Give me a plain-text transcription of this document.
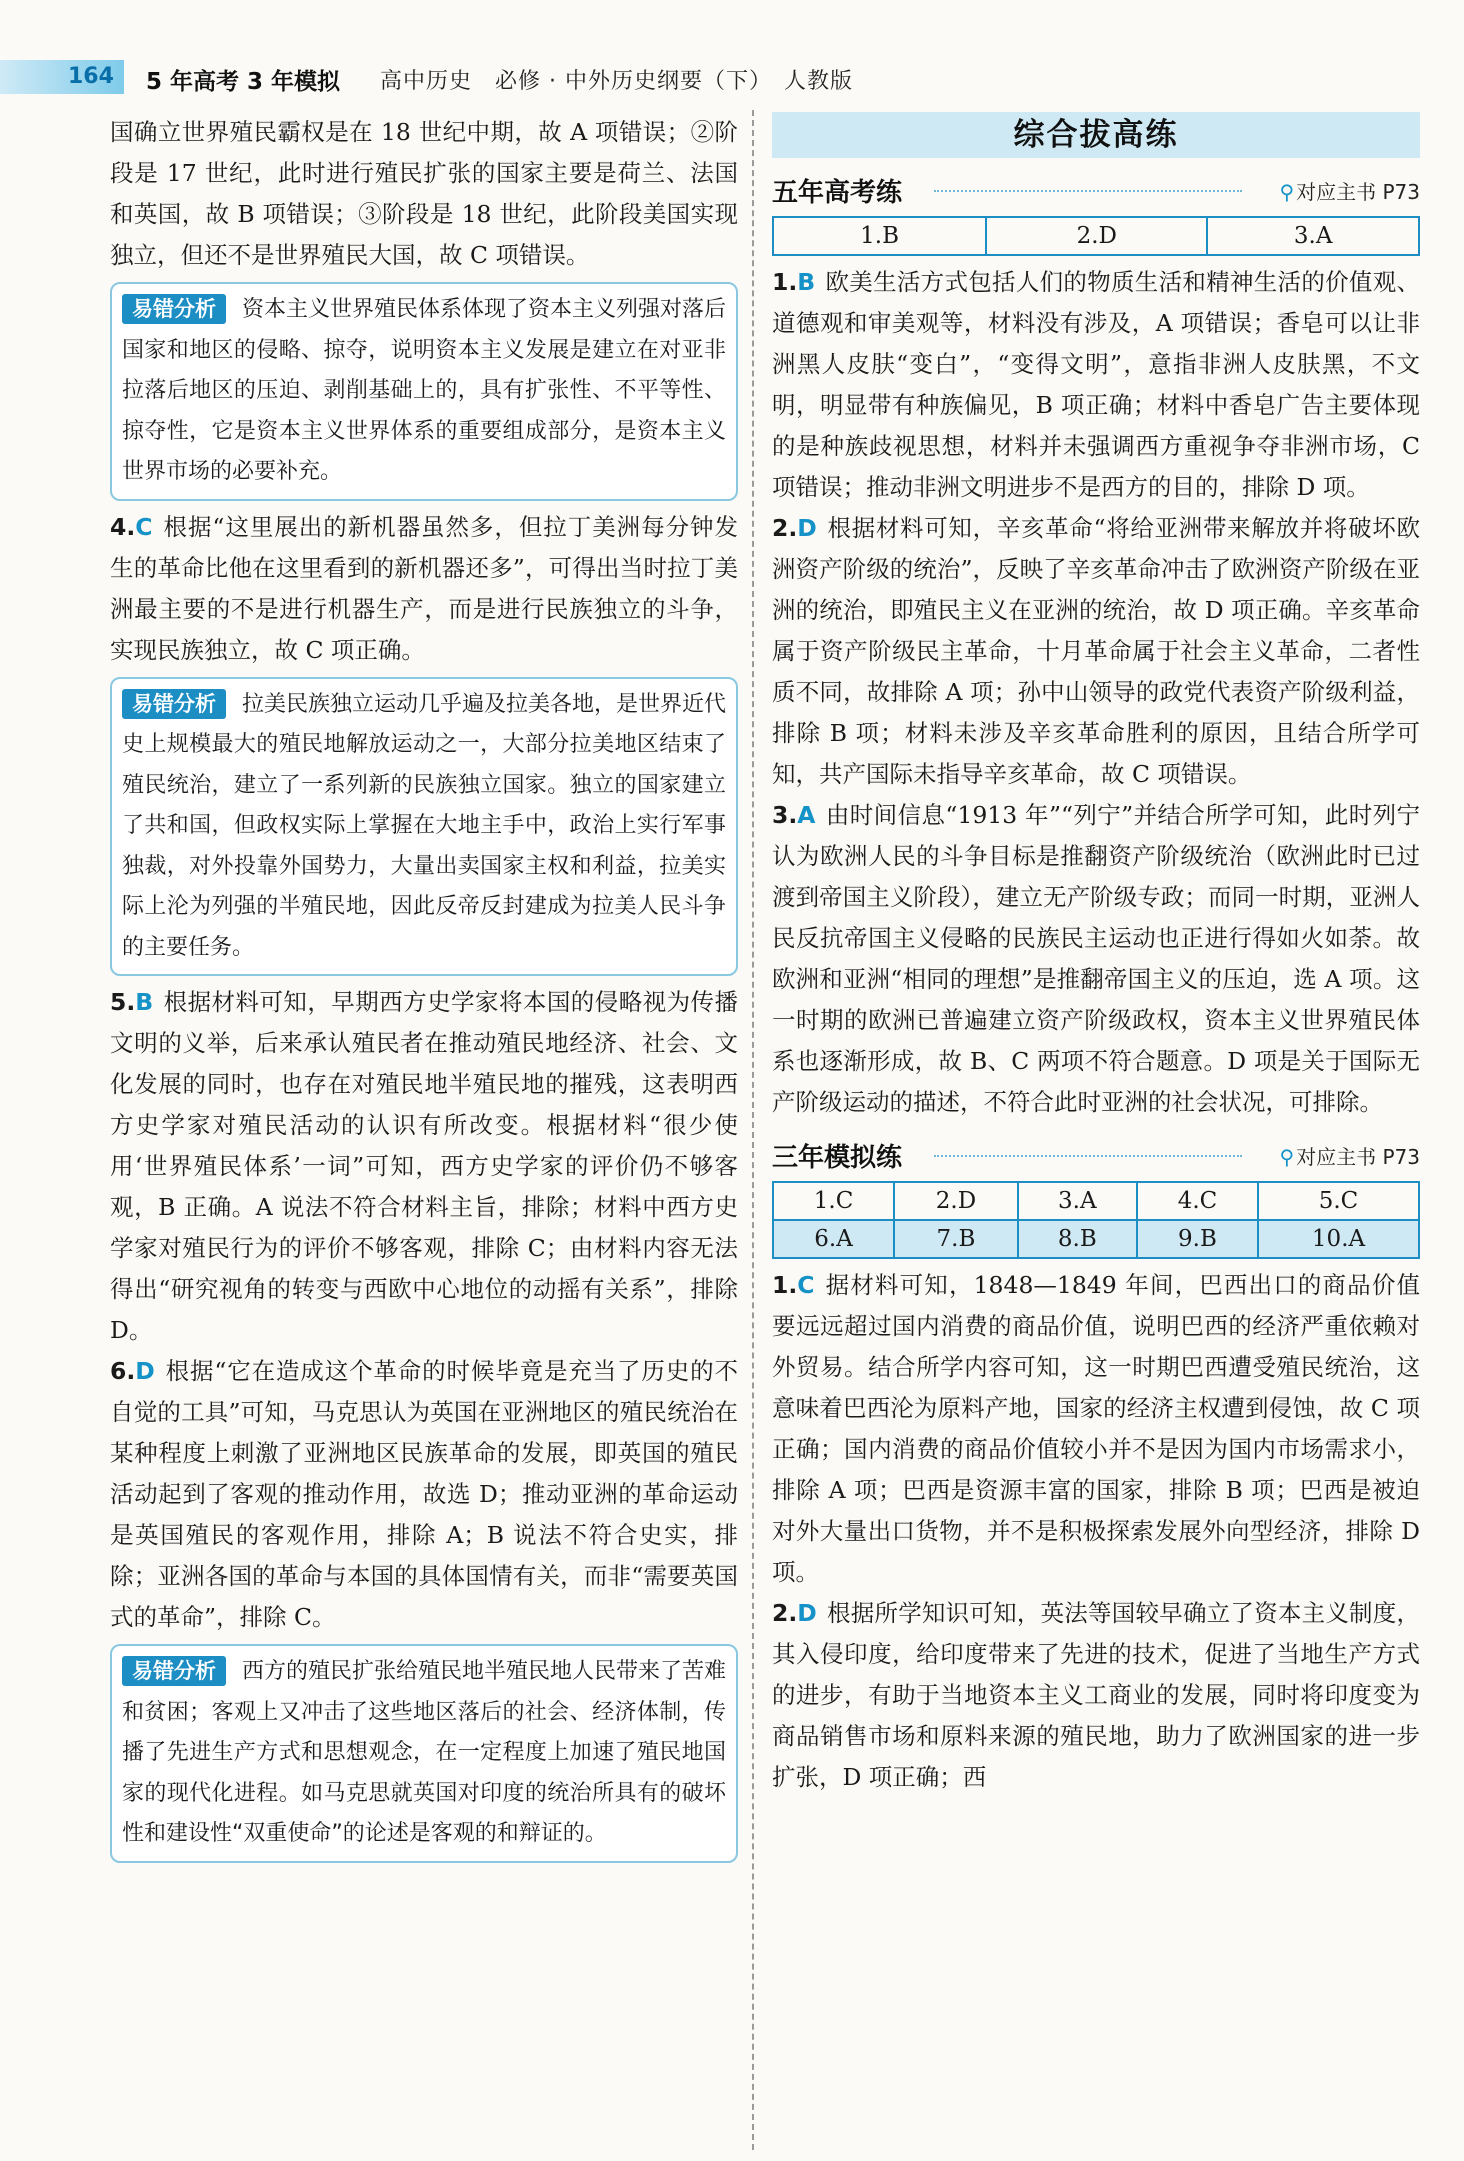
164 5 年高考 3 年模拟 高中历史　必修 · 中外历史纲要（下）　人教版

国确立世界殖民霸权是在 18 世纪中期，故 A 项错误；②阶段是 17 世纪，此时进行殖民扩张的国家主要是荷兰、法国和英国，故 B 项错误；③阶段是 18 世纪，此阶段美国实现独立，但还不是世界殖民大国，故 C 项错误。

易错分析 资本主义世界殖民体系体现了资本主义列强对落后国家和地区的侵略、掠夺，说明资本主义发展是建立在对亚非拉落后地区的压迫、剥削基础上的，具有扩张性、不平等性、掠夺性，它是资本主义世界体系的重要组成部分，是资本主义世界市场的必要补充。

4.C 根据“这里展出的新机器虽然多，但拉丁美洲每分钟发生的革命比他在这里看到的新机器还多”，可得出当时拉丁美洲最主要的不是进行机器生产，而是进行民族独立的斗争，实现民族独立，故 C 项正确。

易错分析 拉美民族独立运动几乎遍及拉美各地，是世界近代史上规模最大的殖民地解放运动之一，大部分拉美地区结束了殖民统治，建立了一系列新的民族独立国家。独立的国家建立了共和国，但政权实际上掌握在大地主手中，政治上实行军事独裁，对外投靠外国势力，大量出卖国家主权和利益，拉美实际上沦为列强的半殖民地，因此反帝反封建成为拉美人民斗争的主要任务。

5.B 根据材料可知，早期西方史学家将本国的侵略视为传播文明的义举，后来承认殖民者在推动殖民地经济、社会、文化发展的同时，也存在对殖民地半殖民地的摧残，这表明西方史学家对殖民活动的认识有所改变。根据材料“很少使用‘世界殖民体系’一词”可知，西方史学家的评价仍不够客观，B 正确。A 说法不符合材料主旨，排除；材料中西方史学家对殖民行为的评价不够客观，排除 C；由材料内容无法得出“研究视角的转变与西欧中心地位的动摇有关系”，排除 D。

6.D 根据“它在造成这个革命的时候毕竟是充当了历史的不自觉的工具”可知，马克思认为英国在亚洲地区的殖民统治在某种程度上刺激了亚洲地区民族革命的发展，即英国的殖民活动起到了客观的推动作用，故选 D；推动亚洲的革命运动是英国殖民的客观作用，排除 A；B 说法不符合史实，排除；亚洲各国的革命与本国的具体国情有关，而非“需要英国式的革命”，排除 C。

易错分析 西方的殖民扩张给殖民地半殖民地人民带来了苦难和贫困；客观上又冲击了这些地区落后的社会、经济体制，传播了先进生产方式和思想观念，在一定程度上加速了殖民地国家的现代化进程。如马克思就英国对印度的统治所具有的破坏性和建设性“双重使命”的论述是客观的和辩证的。
综合拔高练
五年高考练	⚲ 对应主书 P73
1.B	2.D	3.A

1.B 欧美生活方式包括人们的物质生活和精神生活的价值观、道德观和审美观等，材料没有涉及，A 项错误；香皂可以让非洲黑人皮肤“变白”，“变得文明”，意指非洲人皮肤黑，不文明，明显带有种族偏见，B 项正确；材料中香皂广告主要体现的是种族歧视思想，材料并未强调西方重视争夺非洲市场，C 项错误；推动非洲文明进步不是西方的目的，排除 D 项。

2.D 根据材料可知，辛亥革命“将给亚洲带来解放并将破坏欧洲资产阶级的统治”，反映了辛亥革命冲击了欧洲资产阶级在亚洲的统治，即殖民主义在亚洲的统治，故 D 项正确。辛亥革命属于资产阶级民主革命，十月革命属于社会主义革命，二者性质不同，故排除 A 项；孙中山领导的政党代表资产阶级利益，排除 B 项；材料未涉及辛亥革命胜利的原因，且结合所学可知，共产国际未指导辛亥革命，故 C 项错误。

3.A 由时间信息“1913 年”“列宁”并结合所学可知，此时列宁认为欧洲人民的斗争目标是推翻资产阶级统治（欧洲此时已过渡到帝国主义阶段），建立无产阶级专政；而同一时期，亚洲人民反抗帝国主义侵略的民族民主运动也正进行得如火如荼。故欧洲和亚洲“相同的理想”是推翻帝国主义的压迫，选 A 项。这一时期的欧洲已普遍建立资产阶级政权，资本主义世界殖民体系也逐渐形成，故 B、C 两项不符合题意。D 项是关于国际无产阶级运动的描述，不符合此时亚洲的社会状况，可排除。

三年模拟练	⚲ 对应主书 P73
1.C	2.D	3.A	4.C	5.C
6.A	7.B	8.B	9.B	10.A

1.C 据材料可知，1848—1849 年间，巴西出口的商品价值要远远超过国内消费的商品价值，说明巴西的经济严重依赖对外贸易。结合所学内容可知，这一时期巴西遭受殖民统治，这意味着巴西沦为原料产地，国家的经济主权遭到侵蚀，故 C 项正确；国内消费的商品价值较小并不是因为国内市场需求小，排除 A 项；巴西是资源丰富的国家，排除 B 项；巴西是被迫对外大量出口货物，并不是积极探索发展外向型经济，排除 D 项。

2.D 根据所学知识可知，英法等国较早确立了资本主义制度，其入侵印度，给印度带来了先进的技术，促进了当地生产方式的进步，有助于当地资本主义工商业的发展，同时将印度变为商品销售市场和原料来源的殖民地，助力了欧洲国家的进一步扩张，D 项正确；西
